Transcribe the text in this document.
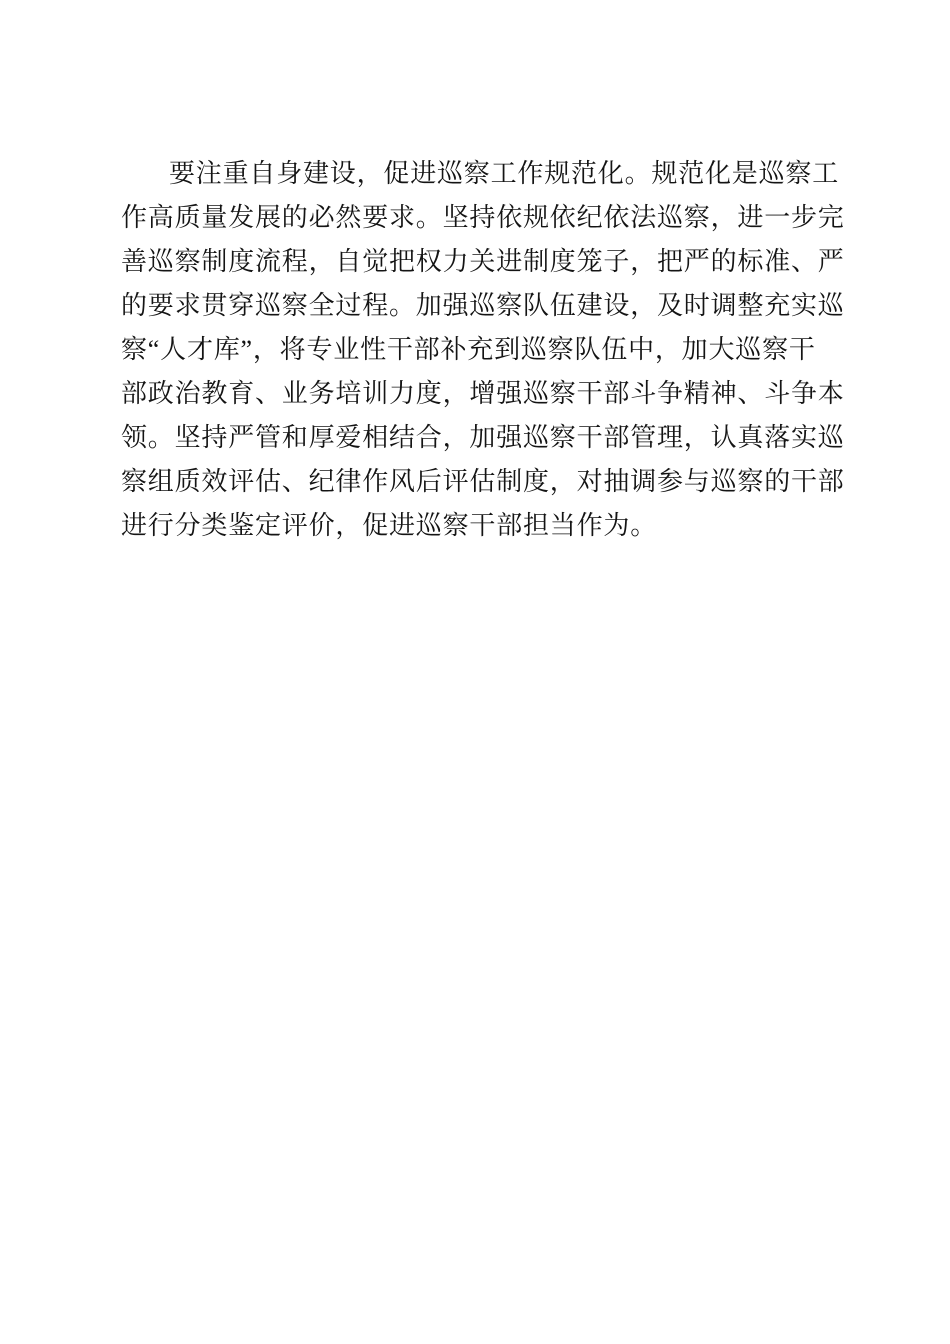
要注重自身建设，促进巡察工作规范化。规范化是巡察工
作高质量发展的必然要求。坚持依规依纪依法巡察，进一步完
善巡察制度流程，自觉把权力关进制度笼子，把严的标准、严
的要求贯穿巡察全过程。加强巡察队伍建设，及时调整充实巡
察“人才库”，将专业性干部补充到巡察队伍中，加大巡察干
部政治教育、业务培训力度，增强巡察干部斗争精神、斗争本
领。坚持严管和厚爱相结合，加强巡察干部管理，认真落实巡
察组质效评估、纪律作风后评估制度，对抽调参与巡察的干部
进行分类鉴定评价，促进巡察干部担当作为。
